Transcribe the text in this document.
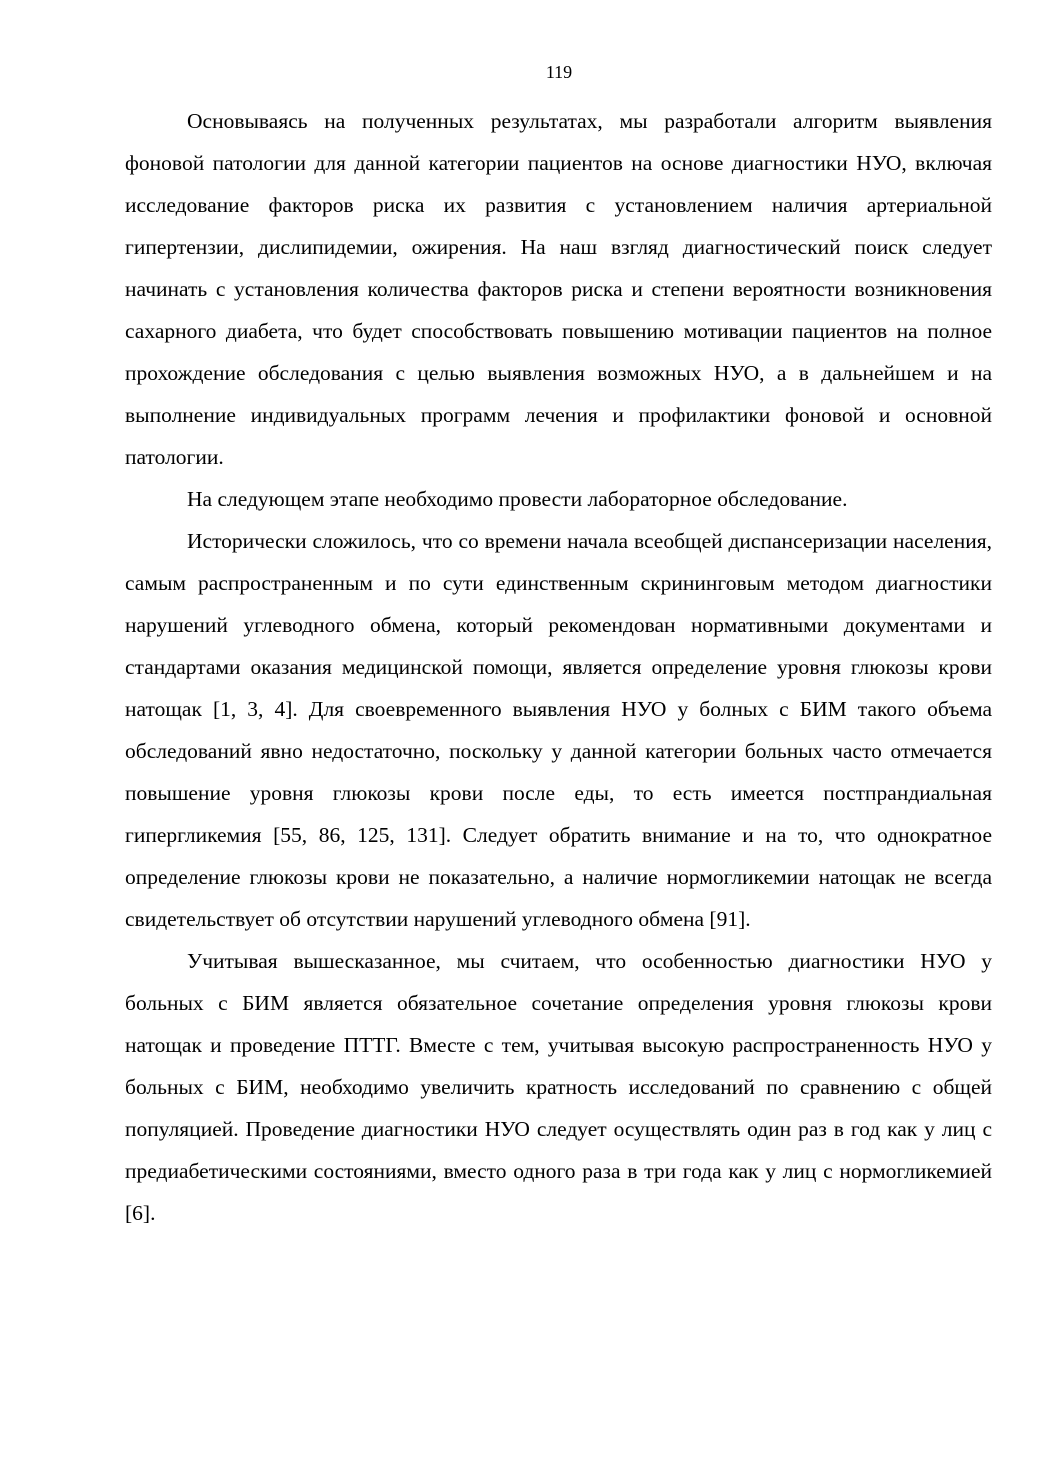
119

Основываясь на полученных результатах, мы разработали алгоритм выявления фоновой патологии для данной категории пациентов на основе диагностики НУО, включая исследование факторов риска их развития с установлением наличия артериальной гипертензии, дислипидемии, ожирения. На наш взгляд диагностический поиск следует начинать с установления количества факторов риска и степени вероятности возникновения сахарного диабета, что будет способствовать повышению мотивации пациентов на полное прохождение обследования с целью выявления возможных НУО, а в дальнейшем и на выполнение индивидуальных программ лечения и профилактики фоновой и основной патологии.

На следующем этапе необходимо провести лабораторное обследование.

Исторически сложилось, что со времени начала всеобщей диспансеризации населения, самым распространенным и по сути единственным скрининговым методом диагностики нарушений углеводного обмена, который рекомендован нормативными документами и стандартами оказания медицинской помощи, является определение уровня глюкозы крови натощак [1, 3, 4]. Для своевременного выявления НУО у болных с БИМ такого объема обследований явно недостаточно, поскольку у данной категории больных часто отмечается повышение уровня глюкозы крови после еды, то есть имеется постпрандиальная гипергликемия [55, 86, 125, 131]. Следует обратить внимание и на то, что однократное определение глюкозы крови не показательно, а наличие нормогликемии натощак не всегда свидетельствует об отсутствии нарушений углеводного обмена [91].

Учитывая вышесказанное, мы считаем, что особенностью диагностики НУО у больных с БИМ является обязательное сочетание определения уровня глюкозы крови натощак и проведение ПТТГ. Вместе с тем, учитывая высокую распространенность НУО у больных с БИМ, необходимо увеличить кратность исследований по сравнению с общей популяцией. Проведение диагностики НУО следует осуществлять один раз в год как у лиц с предиабетическими состояниями, вместо одного раза в три года как у лиц с нормогликемией [6].
